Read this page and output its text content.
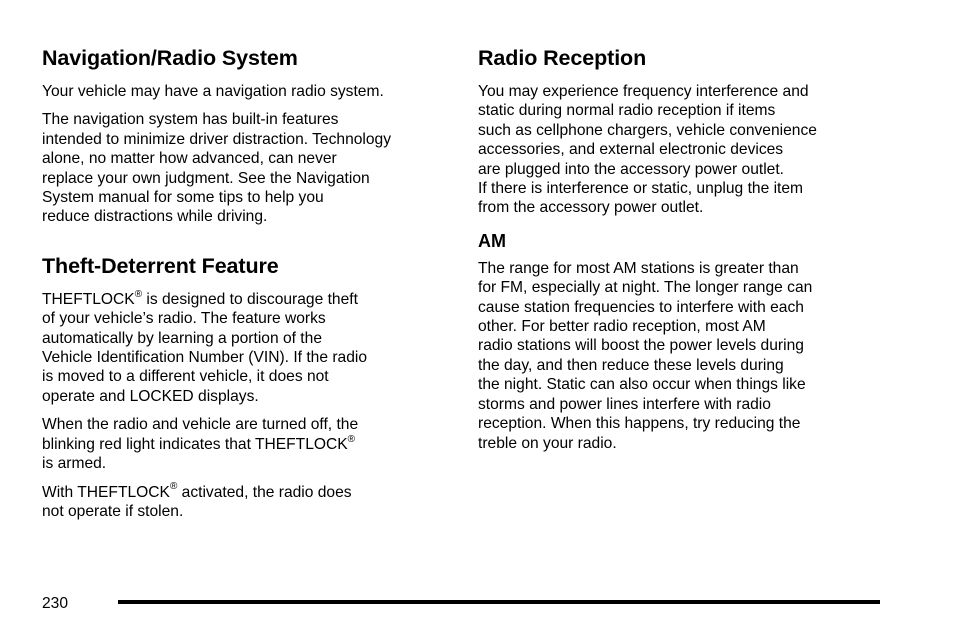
Navigation/Radio System

Your vehicle may have a navigation radio system.

The navigation system has built-in features
intended to minimize driver distraction. Technology
alone, no matter how advanced, can never
replace your own judgment. See the Navigation
System manual for some tips to help you
reduce distractions while driving.

Theft-Deterrent Feature

THEFTLOCK® is designed to discourage theft
of your vehicle’s radio. The feature works
automatically by learning a portion of the
Vehicle Identification Number (VIN). If the radio
is moved to a different vehicle, it does not
operate and LOCKED displays.

When the radio and vehicle are turned off, the
blinking red light indicates that THEFTLOCK®
is armed.

With THEFTLOCK® activated, the radio does
not operate if stolen.

Radio Reception

You may experience frequency interference and
static during normal radio reception if items
such as cellphone chargers, vehicle convenience
accessories, and external electronic devices
are plugged into the accessory power outlet.
If there is interference or static, unplug the item
from the accessory power outlet.

AM

The range for most AM stations is greater than
for FM, especially at night. The longer range can
cause station frequencies to interfere with each
other. For better radio reception, most AM
radio stations will boost the power levels during
the day, and then reduce these levels during
the night. Static can also occur when things like
storms and power lines interfere with radio
reception. When this happens, try reducing the
treble on your radio.

230
